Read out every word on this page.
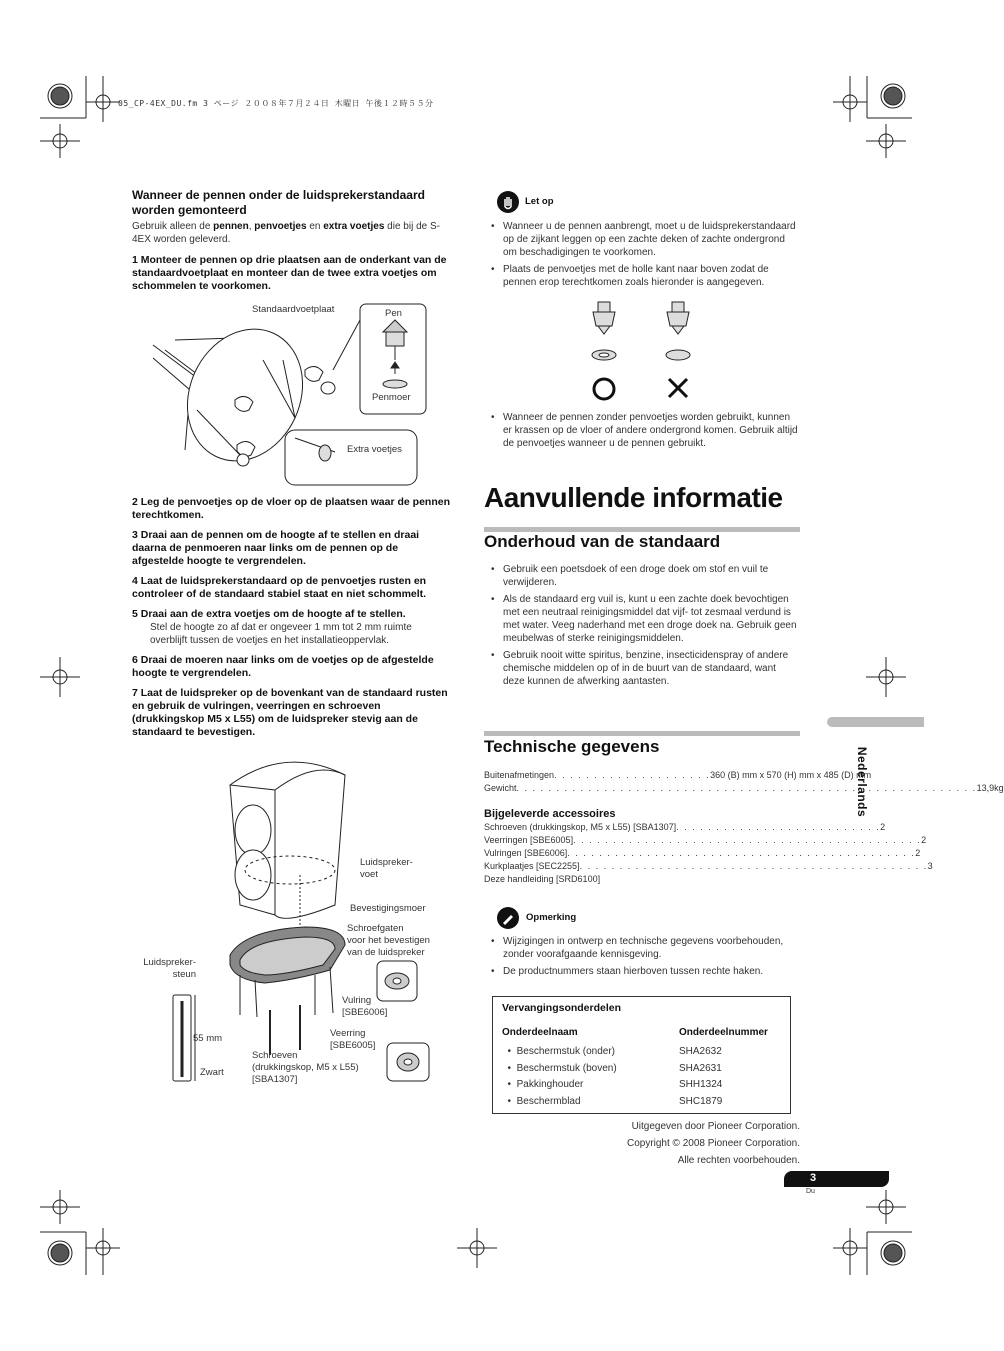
05_CP-4EX_DU.fm 3 ページ ２００８年７月２４日 木曜日 午後１２時５５分
Wanneer de pennen onder de luidsprekerstandaard worden gemonteerd
Gebruik alleen de pennen, penvoetjes en extra voetjes die bij de S-4EX worden geleverd.
1 Monteer de pennen op drie plaatsen aan de onderkant van de standaardvoetplaat en monteer dan de twee extra voetjes om schommelen te voorkomen.
Standaardvoetplaat	Pen
Penmoer
Extra voetjes
2 Leg de penvoetjes op de vloer op de plaatsen waar de pennen terechtkomen.
3 Draai aan de pennen om de hoogte af te stellen en draai daarna de penmoeren naar links om de pennen op de afgestelde hoogte te vergrendelen.
4 Laat de luidsprekerstandaard op de penvoetjes rusten en controleer of de standaard stabiel staat en niet schommelt.
5 Draai aan de extra voetjes om de hoogte af te stellen.
Stel de hoogte zo af dat er ongeveer 1 mm tot 2 mm ruimte overblijft tussen de voetjes en het installatieoppervlak.
6 Draai de moeren naar links om de voetjes op de afgestelde hoogte te vergrendelen.
7 Laat de luidspreker op de bovenkant van de standaard rusten en gebruik de vulringen, veerringen en schroeven (drukkingskop M5 x L55) om de luidspreker stevig aan de standaard te bevestigen.
Luidspreker-
voet
Bevestigingsmoer
Schroefgaten
voor het bevestigen
van de luidspreker
Luidspreker-
steun
Vulring
[SBE6006]
Veerring
[SBE6005]
55 mm
Zwart
Schroeven
(drukkingskop, M5 x L55)
[SBA1307]
Let op
• Wanneer u de pennen aanbrengt, moet u de luidsprekerstandaard op de zijkant leggen op een zachte deken of zachte ondergrond om beschadigingen te voorkomen.
• Plaats de penvoetjes met de holle kant naar boven zodat de pennen erop terechtkomen zoals hieronder is aangegeven.
• Wanneer de pennen zonder penvoetjes worden gebruikt, kunnen er krassen op de vloer of andere ondergrond komen. Gebruik altijd de penvoetjes wanneer u de pennen gebruikt.
Aanvullende informatie
Onderhoud van de standaard
• Gebruik een poetsdoek of een droge doek om stof en vuil te verwijderen.
• Als de standaard erg vuil is, kunt u een zachte doek bevochtigen met een neutraal reinigingsmiddel dat vijf- tot zesmaal verdund is met water. Veeg naderhand met een droge doek na. Gebruik geen meubelwas of sterke reinigingsmiddelen.
• Gebruik nooit witte spiritus, benzine, insecticidenspray of andere chemische middelen op of in de buurt van de standaard, want deze kunnen de afwerking aantasten.
Technische gegevens
Buitenafmetingen . . . . . . . . . . . . . . . . . . . . 360 (B) mm x 570 (H) mm x 485 (D) mm
Gewicht . . . . . . . . . . . . . . . . . . . . . . . . . . . . . . . . . . . . . . . . . . . . . . . . . . . . . . . . . . 13,9kg
Bijgeleverde accessoires
Schroeven (drukkingskop, M5 x L55) [SBA1307] . . . . . . . . . . . . . . . . . . . . . . . . . . 2
Veerringen [SBE6005] . . . . . . . . . . . . . . . . . . . . . . . . . . . . . . . . . . . . . . . . . . . . 2
Vulringen [SBE6006] . . . . . . . . . . . . . . . . . . . . . . . . . . . . . . . . . . . . . . . . . . . . 2
Kurkplaatjes [SEC2255] . . . . . . . . . . . . . . . . . . . . . . . . . . . . . . . . . . . . . . . . . . . . 3
Deze handleiding [SRD6100]
Opmerking
• Wijzigingen in ontwerp en technische gegevens voorbehouden, zonder voorafgaande kennisgeving.
• De productnummers staan hierboven tussen rechte haken.
Vervangingsonderdelen
Onderdeelnaam	Onderdeelnummer
•  Beschermstuk (onder)	SHA2632
•  Beschermstuk (boven)	SHA2631
•  Pakkinghouder	SHH1324
•  Beschermblad	SHC1879
Uitgegeven door Pioneer Corporation.
Copyright © 2008 Pioneer Corporation.
Alle rechten voorbehouden.
Nederlands
3
Du
